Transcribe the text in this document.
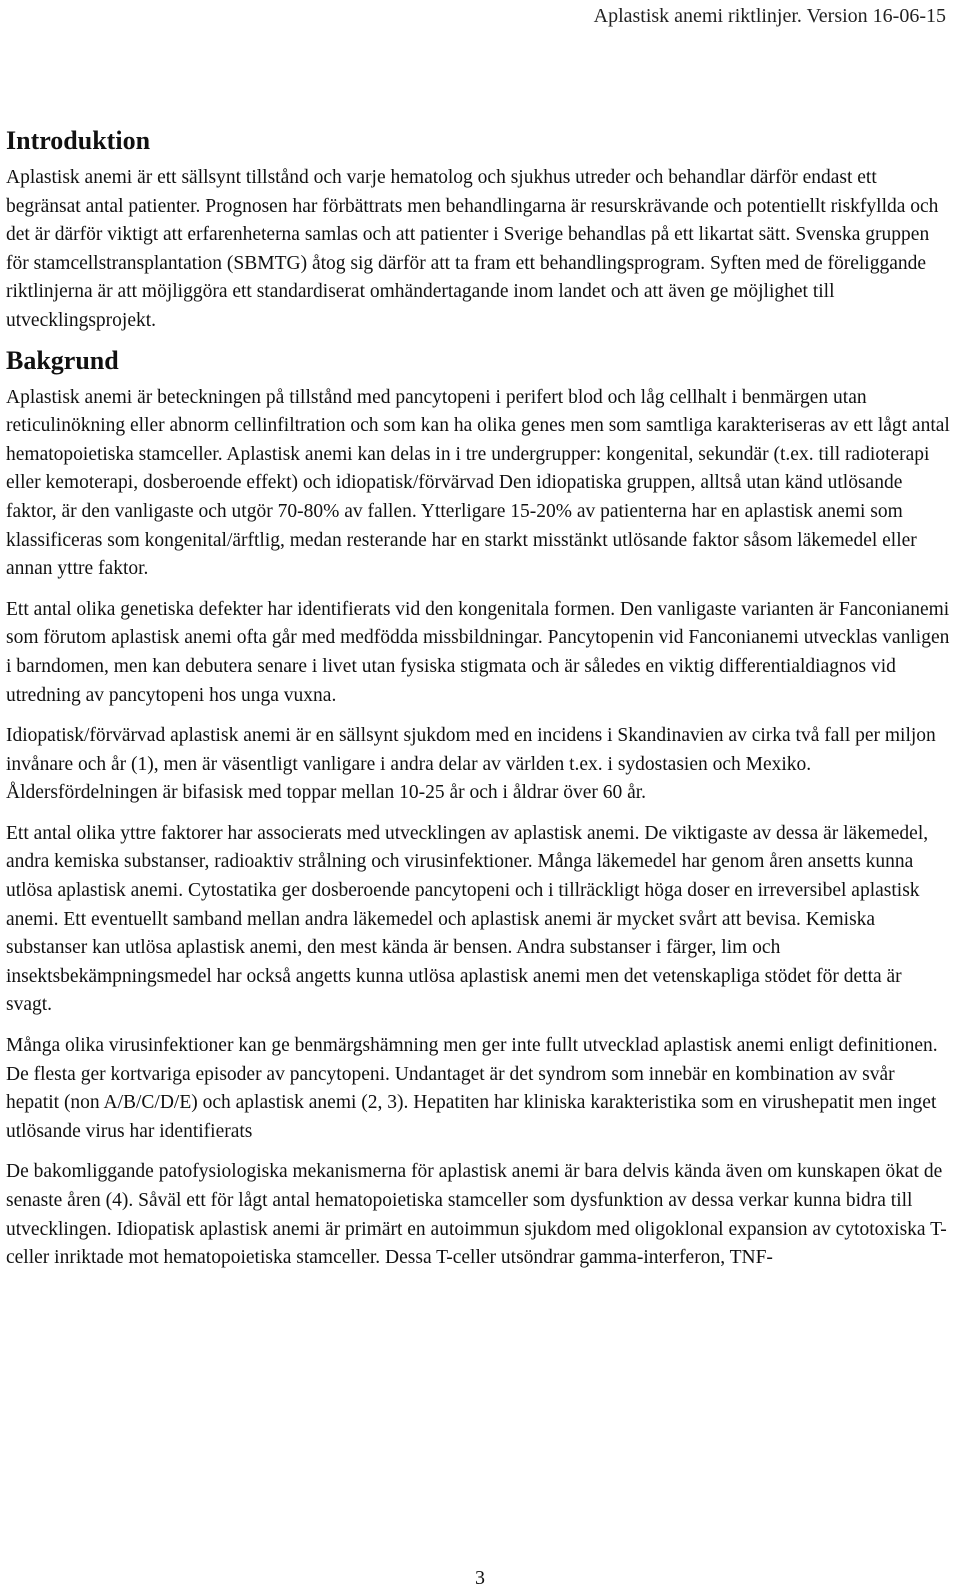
Aplastisk anemi riktlinjer. Version 16-06-15
Introduktion

Aplastisk anemi är ett sällsynt tillstånd och varje hematolog och sjukhus utreder och behandlar därför endast ett begränsat antal patienter. Prognosen har förbättrats men behandlingarna är resurskrävande och potentiellt riskfyllda och det är därför viktigt att erfarenheterna samlas och att patienter i Sverige behandlas på ett likartat sätt. Svenska gruppen för stamcellstransplantation (SBMTG) åtog sig därför att ta fram ett behandlingsprogram. Syften med de föreliggande riktlinjerna är att möjliggöra ett standardiserat omhändertagande inom landet och att även ge möjlighet till utvecklingsprojekt.

Bakgrund

Aplastisk anemi är beteckningen på tillstånd med pancytopeni i perifert blod och låg cellhalt i benmärgen utan reticulinökning eller abnorm cellinfiltration och som kan ha olika genes men som samtliga karakteriseras av ett lågt antal hematopoietiska stamceller. Aplastisk anemi kan delas in i tre undergrupper: kongenital, sekundär (t.ex. till radioterapi eller kemoterapi, dosberoende effekt) och idiopatisk/förvärvad Den idiopatiska gruppen, alltså utan känd utlösande faktor, är den vanligaste och utgör 70-80% av fallen. Ytterligare 15-20% av patienterna har en aplastisk anemi som klassificeras som kongenital/ärftlig, medan resterande har en starkt misstänkt utlösande faktor såsom läkemedel eller annan yttre faktor.

Ett antal olika genetiska defekter har identifierats vid den kongenitala formen. Den vanligaste varianten är Fanconianemi som förutom aplastisk anemi ofta går med medfödda missbildningar. Pancytopenin vid Fanconianemi utvecklas vanligen i barndomen, men kan debutera senare i livet utan fysiska stigmata och är således en viktig differentialdiagnos vid utredning av pancytopeni hos unga vuxna.

Idiopatisk/förvärvad aplastisk anemi är en sällsynt sjukdom med en incidens i Skandinavien av cirka två fall per miljon invånare och år (1), men är väsentligt vanligare i andra delar av världen t.ex. i sydostasien och Mexiko. Åldersfördelningen är bifasisk med toppar mellan 10-25 år och i åldrar över 60 år.

Ett antal olika yttre faktorer har associerats med utvecklingen av aplastisk anemi. De viktigaste av dessa är läkemedel, andra kemiska substanser, radioaktiv strålning och virusinfektioner. Många läkemedel har genom åren ansetts kunna utlösa aplastisk anemi. Cytostatika ger dosberoende pancytopeni och i tillräckligt höga doser en irreversibel aplastisk anemi. Ett eventuellt samband mellan andra läkemedel och aplastisk anemi är mycket svårt att bevisa. Kemiska substanser kan utlösa aplastisk anemi, den mest kända är bensen. Andra substanser i färger, lim och insektsbekämpningsmedel har också angetts kunna utlösa aplastisk anemi men det vetenskapliga stödet för detta är svagt.

Många olika virusinfektioner kan ge benmärgshämning men ger inte fullt utvecklad aplastisk anemi enligt definitionen. De flesta ger kortvariga episoder av pancytopeni. Undantaget är det syndrom som innebär en kombination av svår hepatit (non A/B/C/D/E) och aplastisk anemi (2, 3). Hepatiten har kliniska karakteristika som en virushepatit men inget utlösande virus har identifierats

De bakomliggande patofysiologiska mekanismerna för aplastisk anemi är bara delvis kända även om kunskapen ökat de senaste åren (4). Såväl ett för lågt antal hematopoietiska stamceller som dysfunktion av dessa verkar kunna bidra till utvecklingen. Idiopatisk aplastisk anemi är primärt en autoimmun sjukdom med oligoklonal expansion av cytotoxiska T-celler inriktade mot hematopoietiska stamceller. Dessa T-celler utsöndrar gamma-interferon, TNF-

3
